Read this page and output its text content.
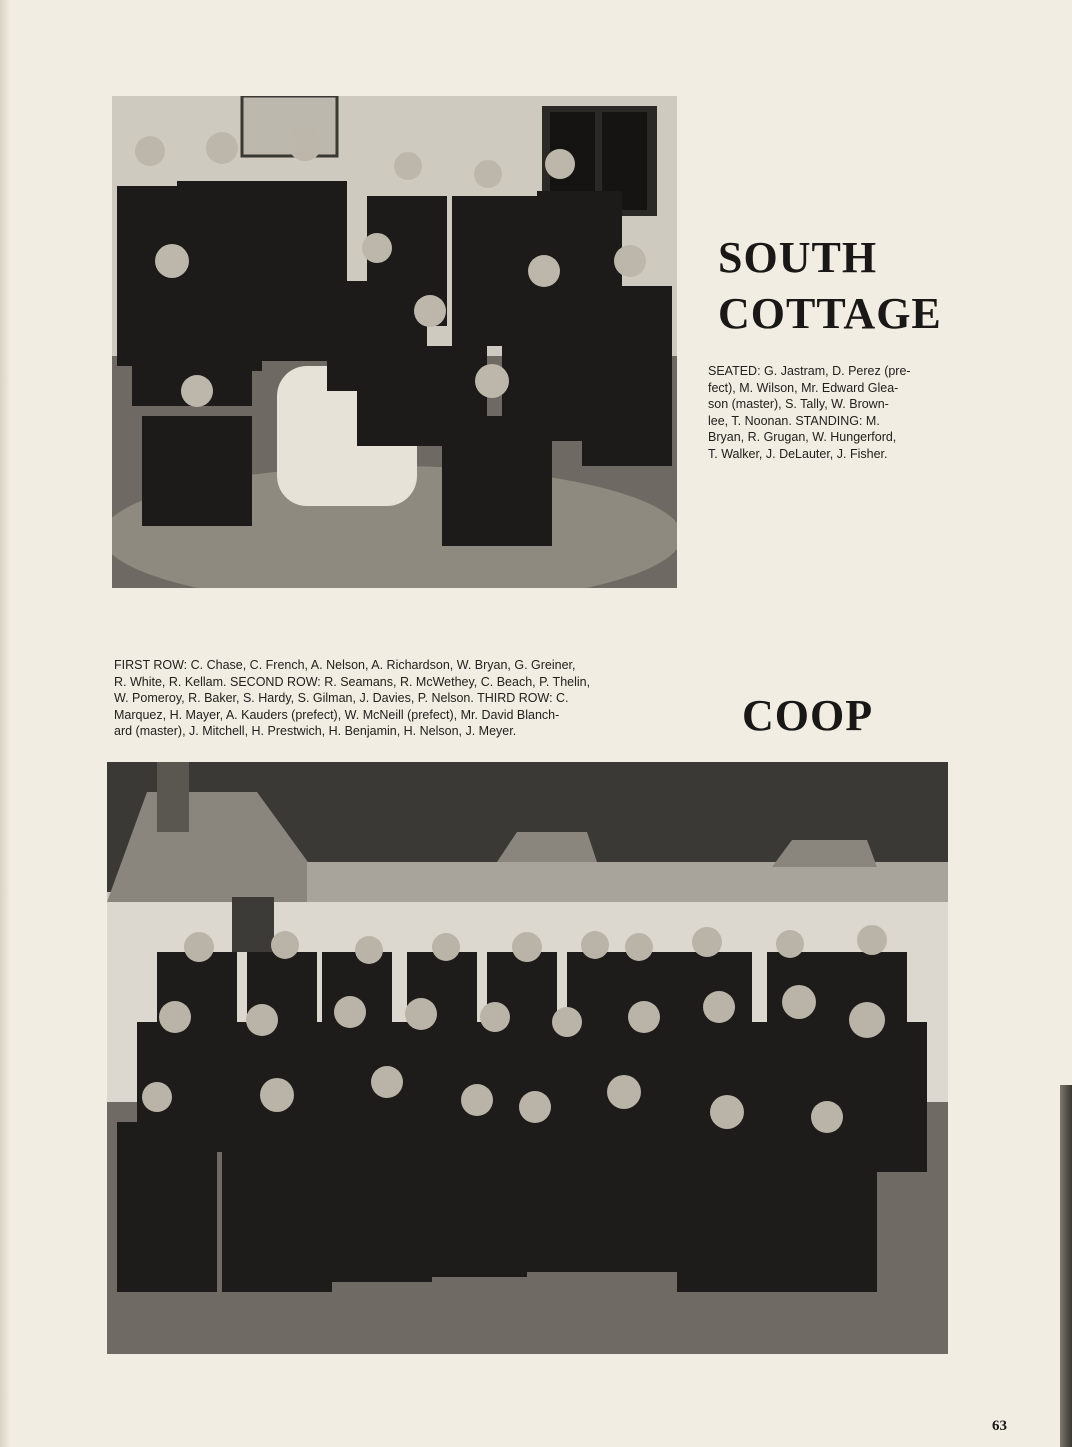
SOUTH
COTTAGE

SEATED: G. Jastram, D. Perez (pre-
fect), M. Wilson, Mr. Edward Glea-
son (master), S. Tally, W. Brown-
lee, T. Noonan. STANDING: M.
Bryan, R. Grugan, W. Hungerford,
T. Walker, J. DeLauter, J. Fisher.

FIRST ROW: C. Chase, C. French, A. Nelson, A. Richardson, W. Bryan, G. Greiner,
R. White, R. Kellam. SECOND ROW: R. Seamans, R. McWethey, C. Beach, P. Thelin,
W. Pomeroy, R. Baker, S. Hardy, S. Gilman, J. Davies, P. Nelson. THIRD ROW: C.
Marquez, H. Mayer, A. Kauders (prefect), W. McNeill (prefect), Mr. David Blanch-
ard (master), J. Mitchell, H. Prestwich, H. Benjamin, H. Nelson, J. Meyer.	COOP
63
